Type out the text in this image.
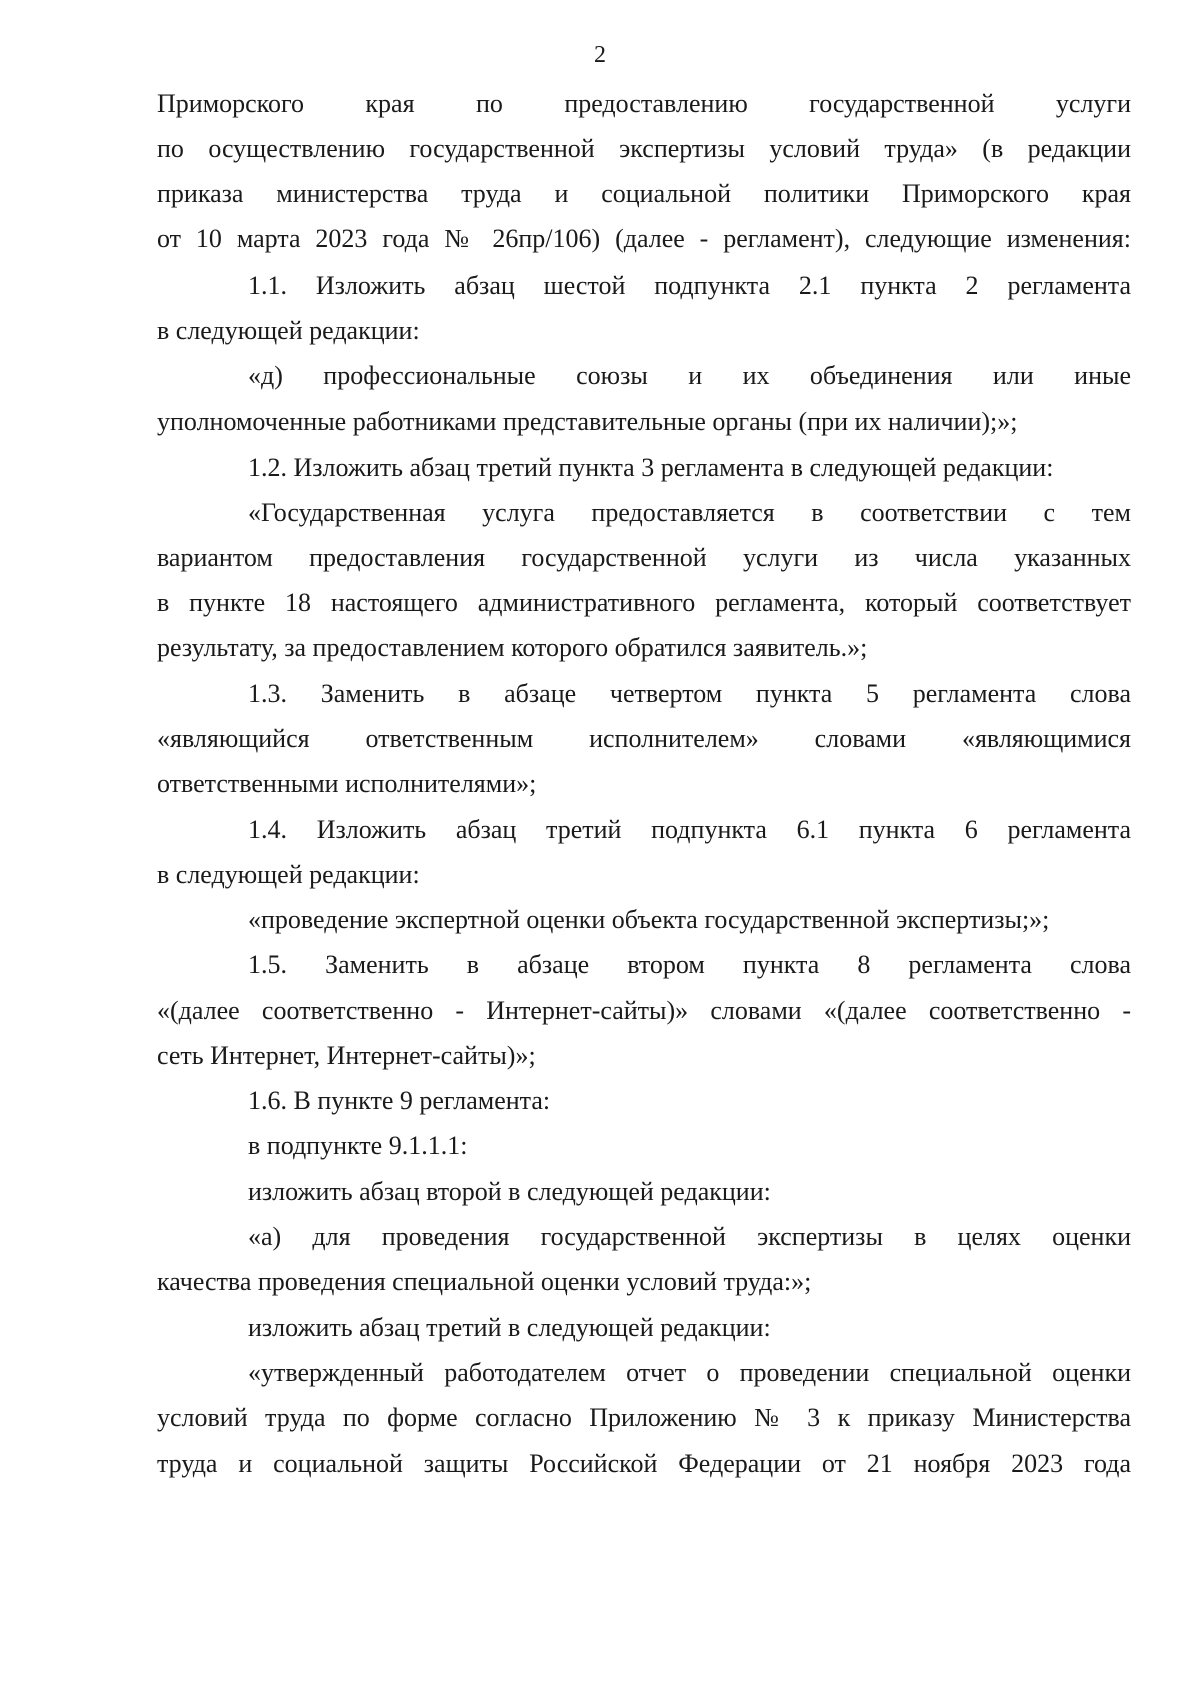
2
Приморского края по предоставлению государственной услуги
по осуществлению государственной экспертизы условий труда» (в редакции
приказа министерства труда и социальной политики Приморского края
от 10 марта 2023 года № 26пр/106) (далее - регламент), следующие изменения:
1.1. Изложить абзац шестой подпункта 2.1 пункта 2 регламента
в следующей редакции:
«д) профессиональные союзы и их объединения или иные
уполномоченные работниками представительные органы (при их наличии);»;
1.2. Изложить абзац третий пункта 3 регламента в следующей редакции:
«Государственная услуга предоставляется в соответствии с тем
вариантом предоставления государственной услуги из числа указанных
в пункте 18 настоящего административного регламента, который соответствует
результату, за предоставлением которого обратился заявитель.»;
1.3. Заменить в абзаце четвертом пункта 5 регламента слова
«являющийся ответственным исполнителем» словами «являющимися
ответственными исполнителями»;
1.4. Изложить абзац третий подпункта 6.1 пункта 6 регламента
в следующей редакции:
«проведение экспертной оценки объекта государственной экспертизы;»;
1.5. Заменить в абзаце втором пункта 8 регламента слова
«(далее соответственно - Интернет-сайты)» словами «(далее соответственно -
сеть Интернет, Интернет-сайты)»;
1.6. В пункте 9 регламента:
в подпункте 9.1.1.1:
изложить абзац второй в следующей редакции:
«а) для проведения государственной экспертизы в целях оценки
качества проведения специальной оценки условий труда:»;
изложить абзац третий в следующей редакции:
«утвержденный работодателем отчет о проведении специальной оценки
условий труда по форме согласно Приложению № 3 к приказу Министерства
труда и социальной защиты Российской Федерации от 21 ноября 2023 года
